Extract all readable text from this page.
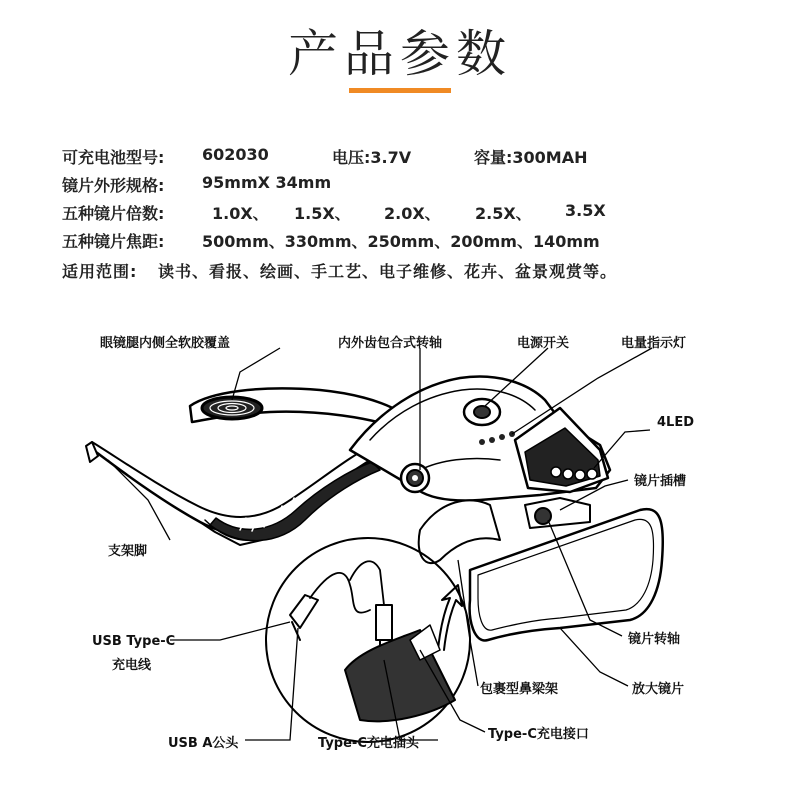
产品参数
可充电池型号: 602030	电压:3.7V	容量:300MAH
镜片外形规格: 95mmX 34mm
五种镜片倍数:	1.0X、 1.5X、 2.0X、 2.5X、 3.5X
五种镜片焦距: 500mm、330mm、250mm、200mm、140mm
适用范围: 读书、看报、绘画、手工艺、电子维修、花卉、盆景观赏等。
眼镜腿内侧全软胶覆盖	内外齿包合式转轴	电源开关	电量指示灯
4LED
镜片插槽
支架脚
USB Type-C
充电线
镜片转轴
放大镜片
包裹型鼻梁架
USB A公头	Type-C充电插头
Type-C充电接口
